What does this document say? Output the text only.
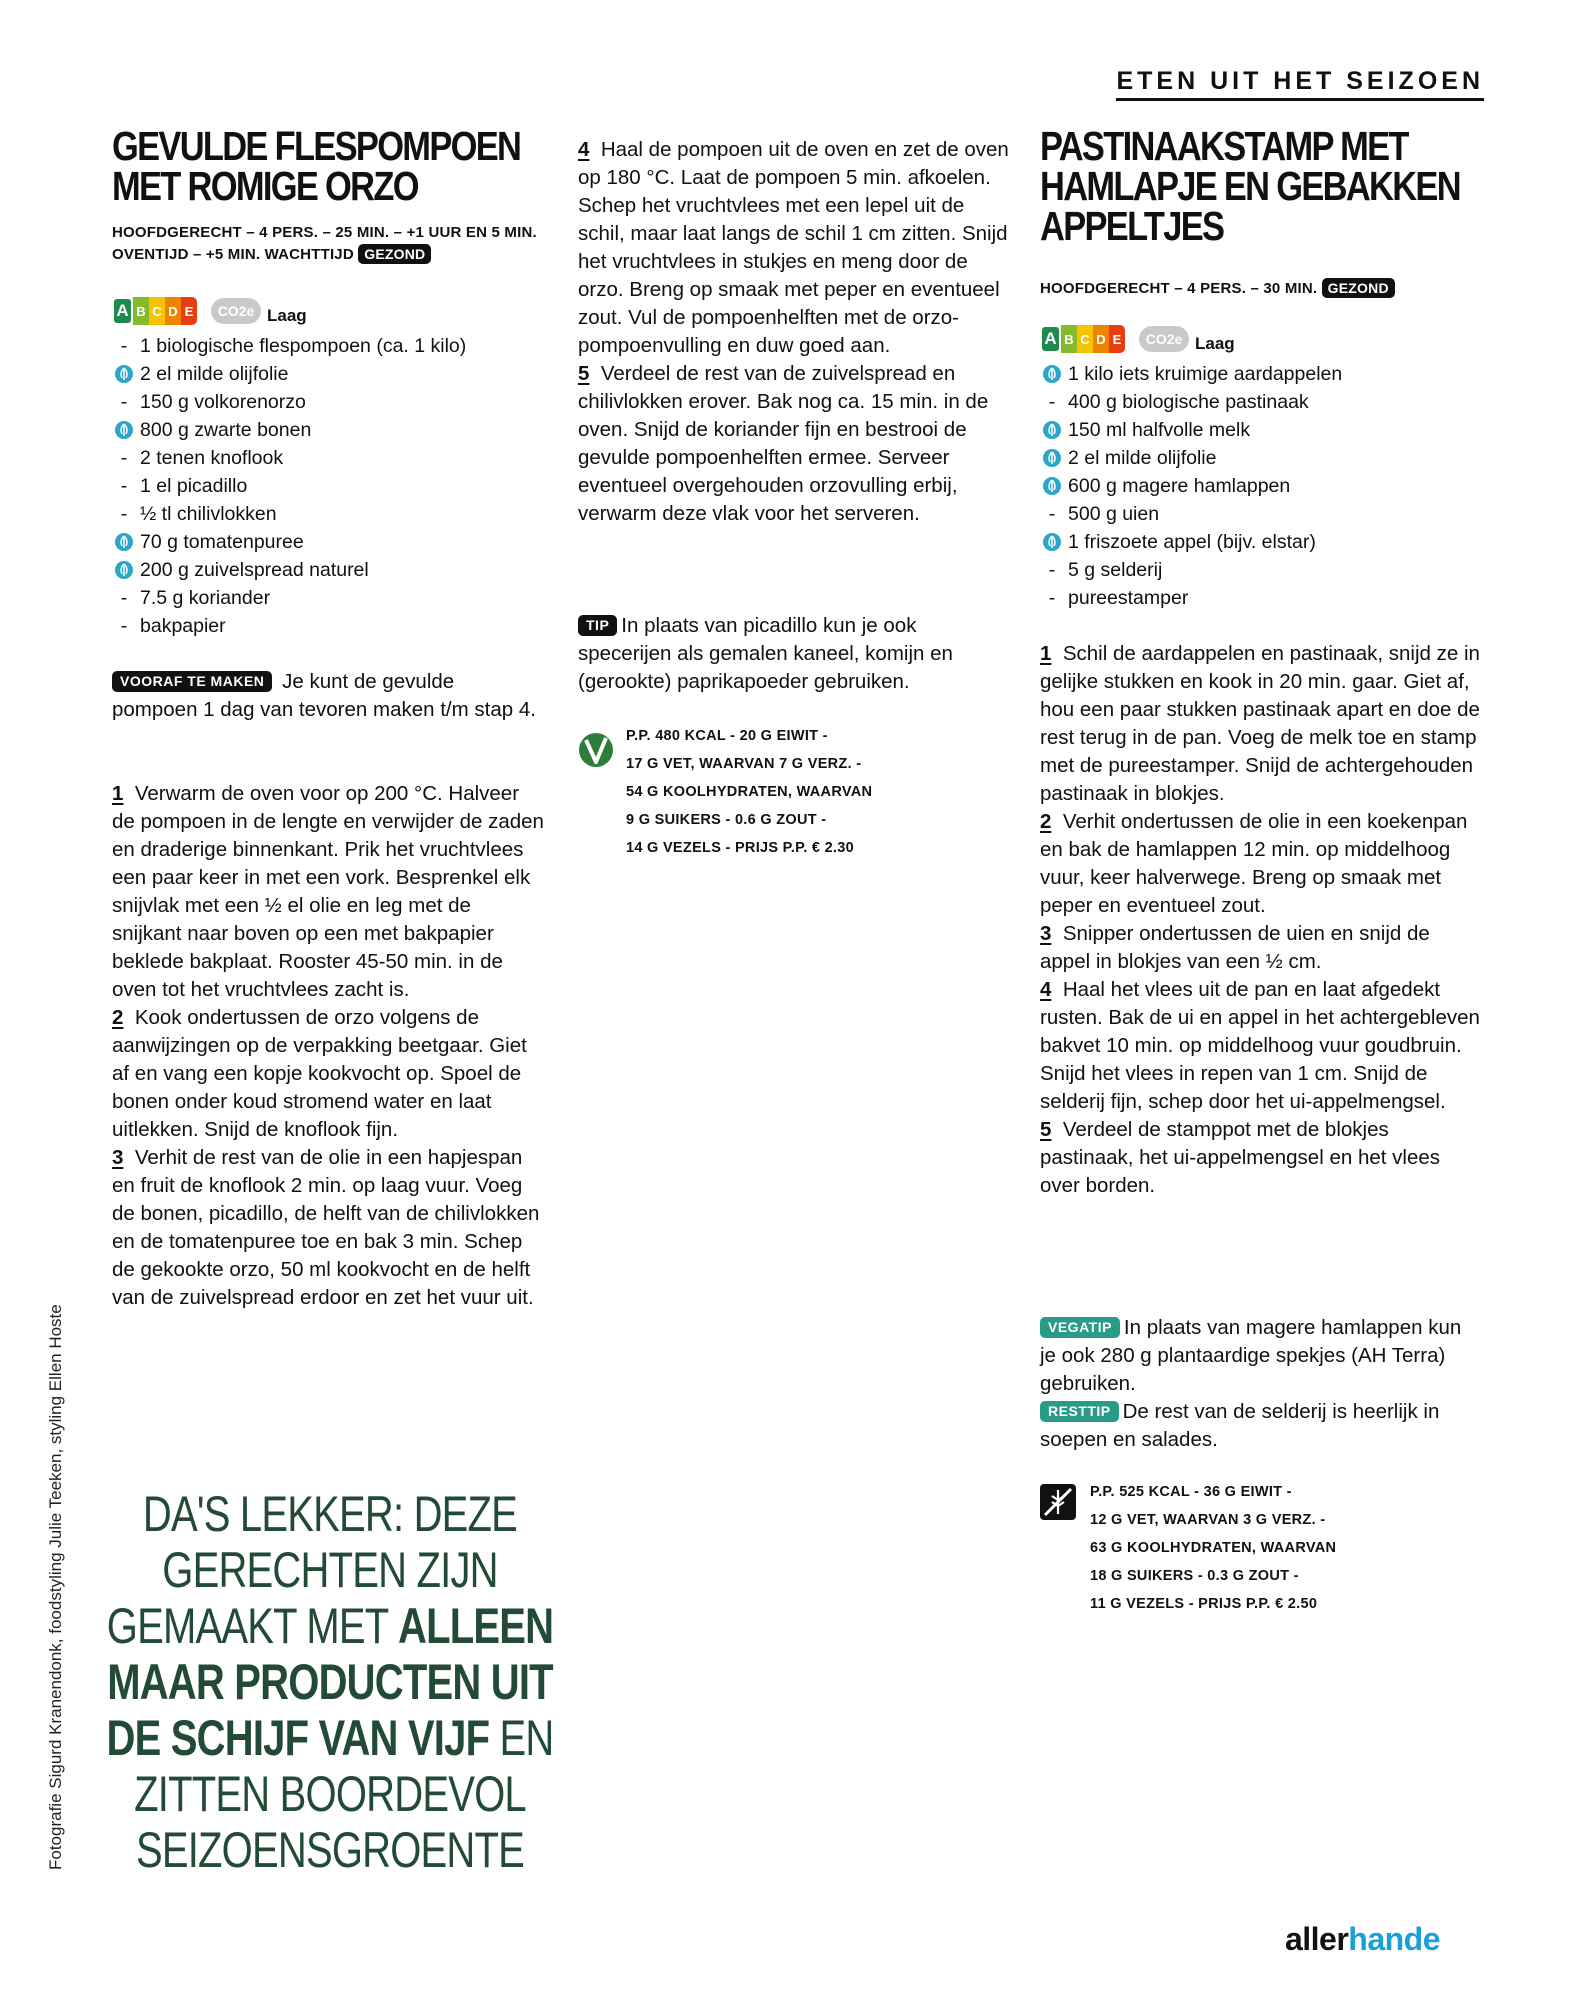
ETEN UIT HET SEIZOEN
GEVULDE FLESPOMPOEN
MET ROMIGE ORZO
HOOFDGERECHT – 4 PERS. – 25 MIN. – +1 UUR EN 5 MIN.
OVENTIJD – +5 MIN. WACHTTIJD GEZOND
A B C D E	CO2e Laag
- 1 biologische flespompoen (ca. 1 kilo)
2 el milde olijfolie
- 150 g volkorenorzo
800 g zwarte bonen
- 2 tenen knoflook
- 1 el picadillo
- ½ tl chilivlokken
70 g tomatenpuree
200 g zuivelspread naturel
- 7.5 g koriander
- bakpapier

VOORAF TE MAKEN Je kunt de gevulde pompoen 1 dag van tevoren maken t/m stap 4.

1 Verwarm de oven voor op 200 °C. Halveer de pompoen in de lengte en verwijder de zaden en draderige binnenkant. Prik het vruchtvlees een paar keer in met een vork. Besprenkel elk snijvlak met een ½ el olie en leg met de snijkant naar boven op een met bakpapier beklede bakplaat. Rooster 45-50 min. in de oven tot het vruchtvlees zacht is.

2 Kook ondertussen de orzo volgens de aanwijzingen op de verpakking beetgaar. Giet af en vang een kopje kookvocht op. Spoel de bonen onder koud stromend water en laat uitlekken. Snijd de knoflook fijn.

3 Verhit de rest van de olie in een hapjespan en fruit de knoflook 2 min. op laag vuur. Voeg de bonen, picadillo, de helft van de chilivlokken en de tomatenpuree toe en bak 3 min. Schep de gekookte orzo, 50 ml kookvocht en de helft van de zuivelspread erdoor en zet het vuur uit.

4 Haal de pompoen uit de oven en zet de oven op 180 °C. Laat de pompoen 5 min. afkoelen. Schep het vruchtvlees met een lepel uit de schil, maar laat langs de schil 1 cm zitten. Snijd het vruchtvlees in stukjes en meng door de orzo. Breng op smaak met peper en eventueel zout. Vul de pompoenhelften met de orzo-pompoenvulling en duw goed aan.

5 Verdeel de rest van de zuivelspread en chilivlokken erover. Bak nog ca. 15 min. in de oven. Snijd de koriander fijn en bestrooi de gevulde pompoenhelften ermee. Serveer eventueel overgehouden orzovulling erbij, verwarm deze vlak voor het serveren.

TIP In plaats van picadillo kun je ook specerijen als gemalen kaneel, komijn en (gerookte) paprikapoeder gebruiken.

P.P. 480 KCAL - 20 G EIWIT -
17 G VET, WAARVAN 7 G VERZ. -
54 G KOOLHYDRATEN, WAARVAN
9 G SUIKERS - 0.6 G ZOUT -
14 G VEZELS - PRIJS P.P. € 2.30
PASTINAAKSTAMP MET
HAMLAPJE EN GEBAKKEN
APPELTJES
HOOFDGERECHT – 4 PERS. – 30 MIN. GEZOND
A B C D E	CO2e Laag
1 kilo iets kruimige aardappelen
- 400 g biologische pastinaak
150 ml halfvolle melk
2 el milde olijfolie
600 g magere hamlappen
- 500 g uien
1 friszoete appel (bijv. elstar)
- 5 g selderij
- pureestamper

1 Schil de aardappelen en pastinaak, snijd ze in gelijke stukken en kook in 20 min. gaar. Giet af, hou een paar stukken pastinaak apart en doe de rest terug in de pan. Voeg de melk toe en stamp met de pureestamper. Snijd de achtergehouden pastinaak in blokjes.

2 Verhit ondertussen de olie in een koekenpan en bak de hamlappen 12 min. op middelhoog vuur, keer halverwege. Breng op smaak met peper en eventueel zout.

3 Snipper ondertussen de uien en snijd de appel in blokjes van een ½ cm.

4 Haal het vlees uit de pan en laat afgedekt rusten. Bak de ui en appel in het achtergebleven bakvet 10 min. op middelhoog vuur goudbruin. Snijd het vlees in repen van 1 cm. Snijd de selderij fijn, schep door het ui-appelmengsel.

5 Verdeel de stamppot met de blokjes pastinaak, het ui-appelmengsel en het vlees over borden.

VEGATIP In plaats van magere hamlappen kun je ook 280 g plantaardige spekjes (AH Terra) gebruiken.

RESTTIP De rest van de selderij is heerlijk in soepen en salades.

P.P. 525 KCAL - 36 G EIWIT -
12 G VET, WAARVAN 3 G VERZ. -
63 G KOOLHYDRATEN, WAARVAN
18 G SUIKERS - 0.3 G ZOUT -
11 G VEZELS - PRIJS P.P. € 2.50
DA'S LEKKER: DEZE GERECHTEN ZIJN GEMAAKT MET ALLEEN MAAR PRODUCTEN UIT DE SCHIJF VAN VIJF EN ZITTEN BOORDEVOL SEIZOENSGROENTE
Fotografie Sigurd Kranendonk, foodstyling Julie Teeken, styling Ellen Hoste
allerhande
